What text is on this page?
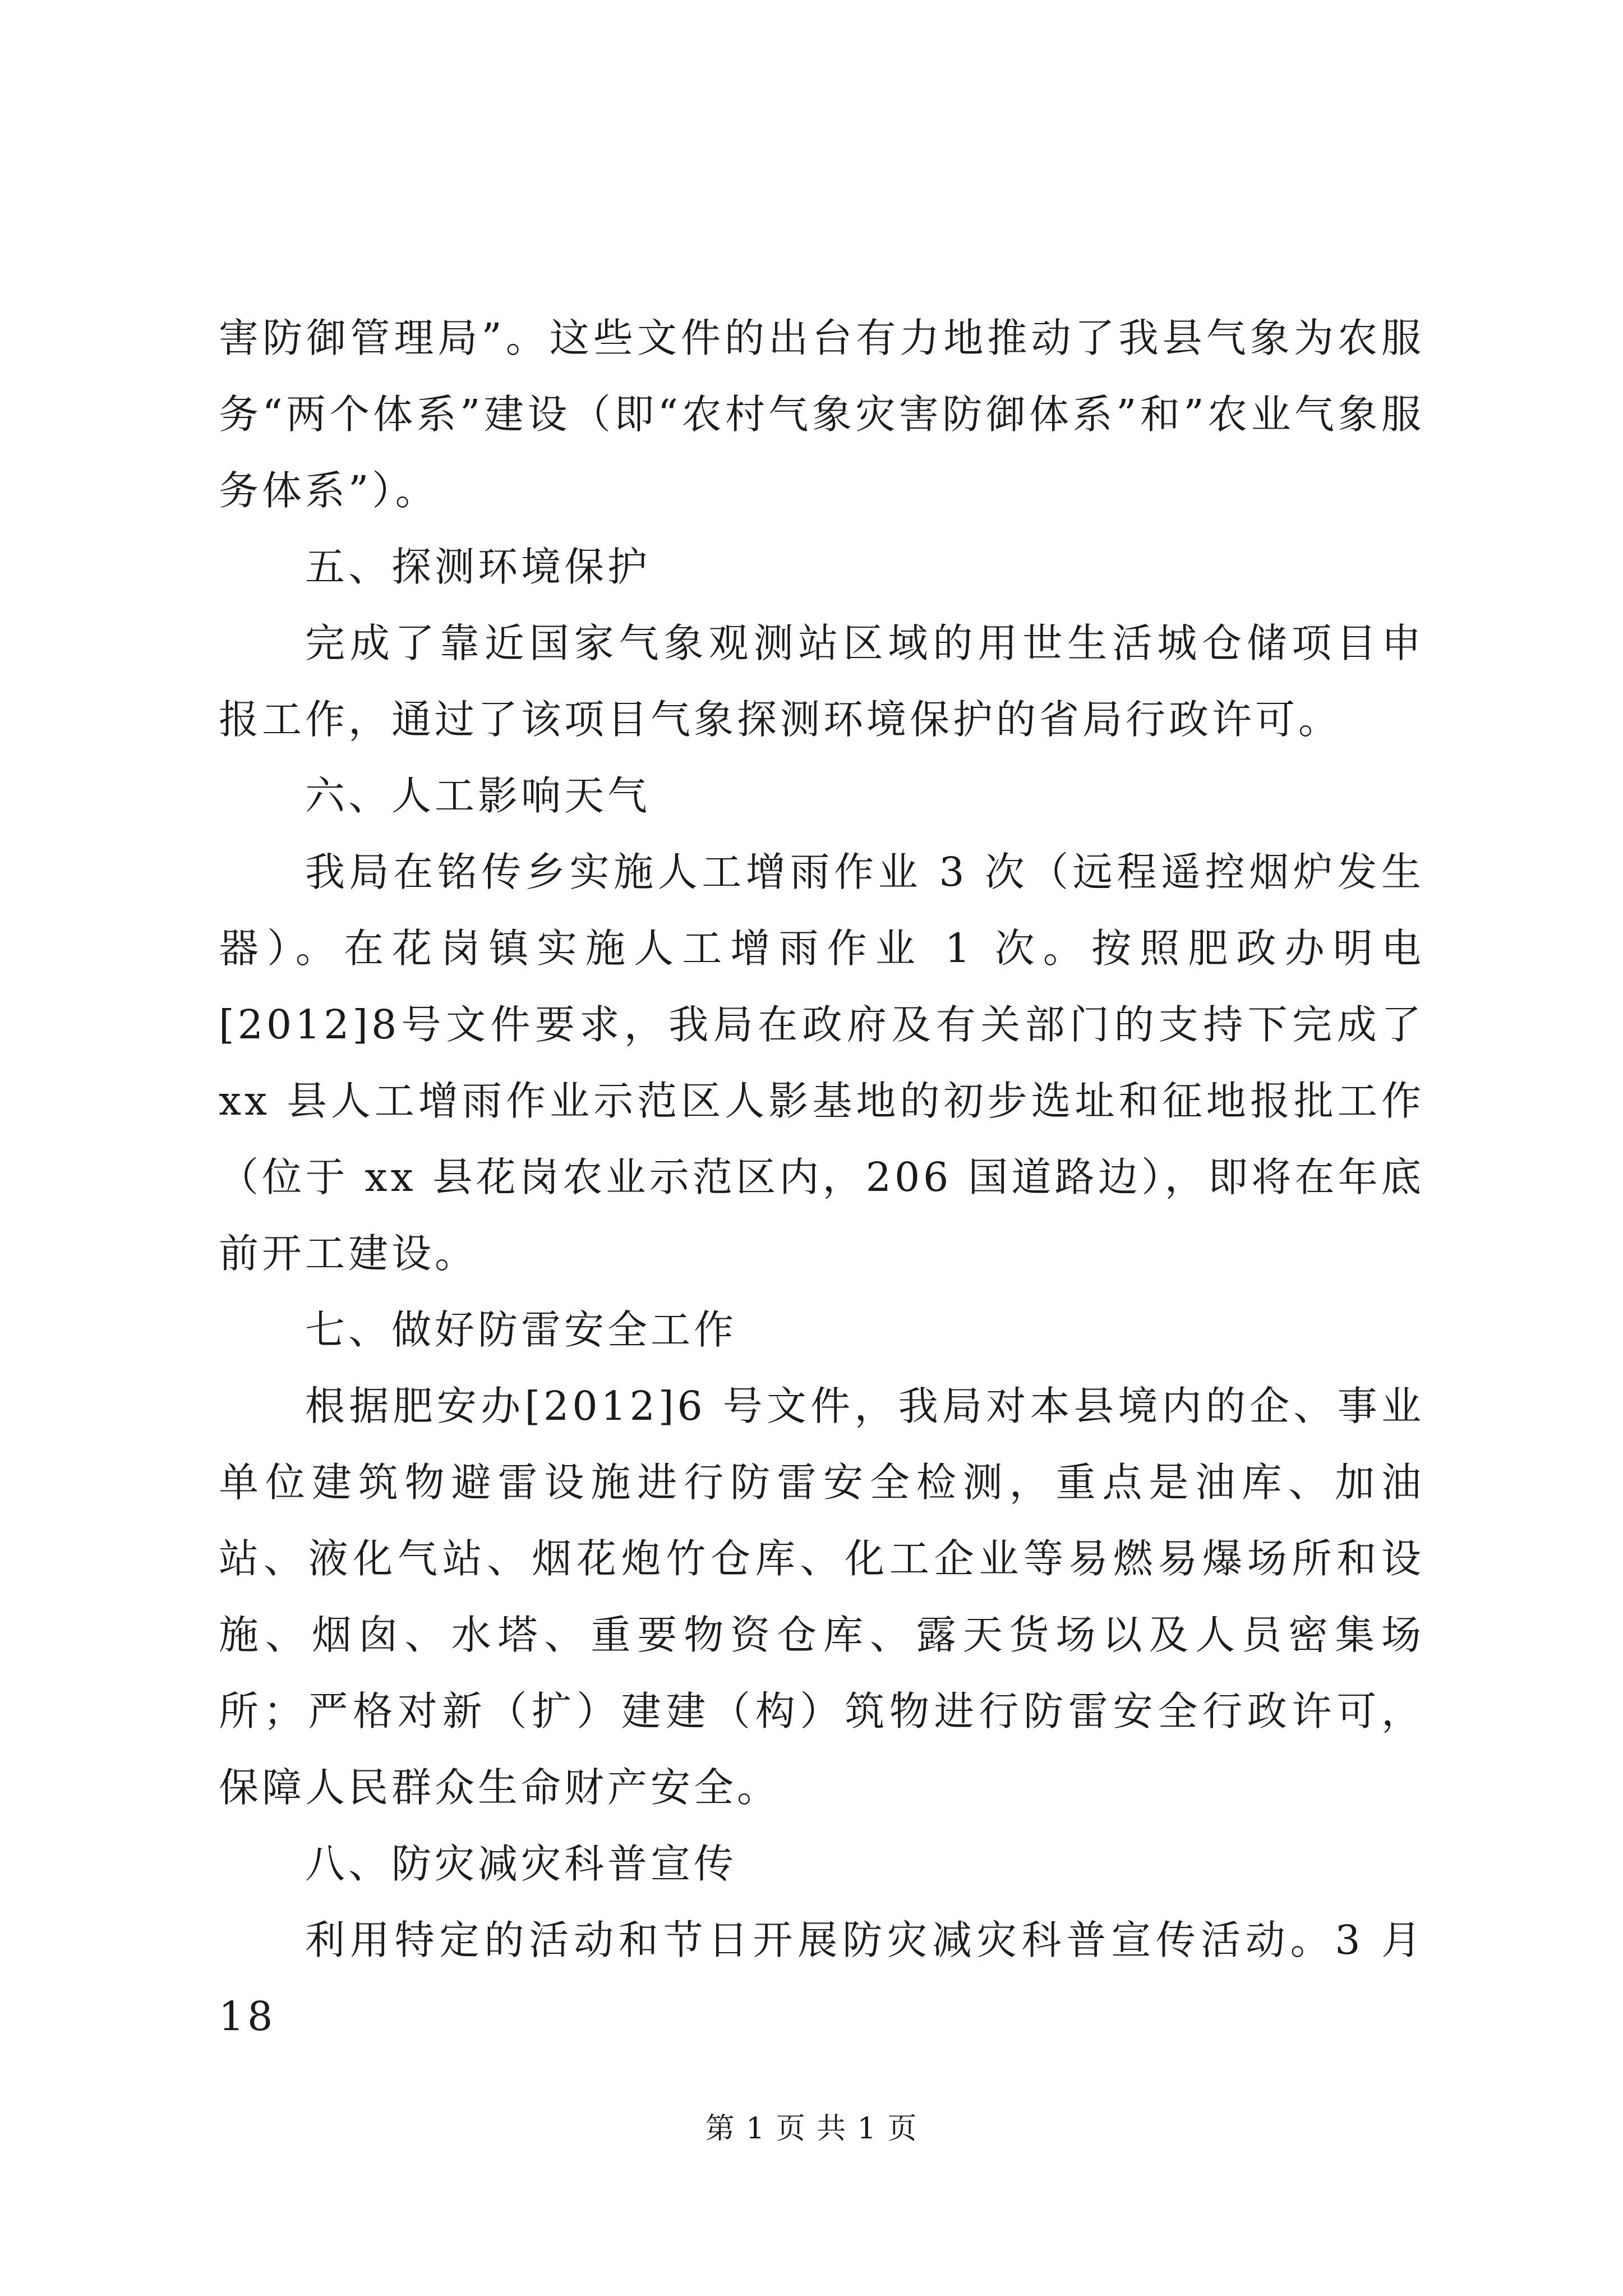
害防御管理局”。这些文件的出台有力地推动了我县气象为农服务“两个体系”建设（即“农村气象灾害防御体系”和”农业气象服务体系”）。

五、探测环境保护

完成了靠近国家气象观测站区域的用世生活城仓储项目申报工作，通过了该项目气象探测环境保护的省局行政许可。

六、人工影响天气

我局在铭传乡实施人工增雨作业 3 次（远程遥控烟炉发生器）。在花岗镇实施人工增雨作业 1 次。按照肥政办明电[2012]8号文件要求，我局在政府及有关部门的支持下完成了 xx 县人工增雨作业示范区人影基地的初步选址和征地报批工作（位于 xx 县花岗农业示范区内，206 国道路边），即将在年底前开工建设。

七、做好防雷安全工作

根据肥安办[2012]6 号文件，我局对本县境内的企、事业单位建筑物避雷设施进行防雷安全检测，重点是油库、加油站、液化气站、烟花炮竹仓库、化工企业等易燃易爆场所和设施、烟囱、水塔、重要物资仓库、露天货场以及人员密集场所；严格对新（扩）建建（构）筑物进行防雷安全行政许可，保障人民群众生命财产安全。

八、防灾减灾科普宣传

利用特定的活动和节日开展防灾减灾科普宣传活动。3 月 18

第 1 页 共 1 页
